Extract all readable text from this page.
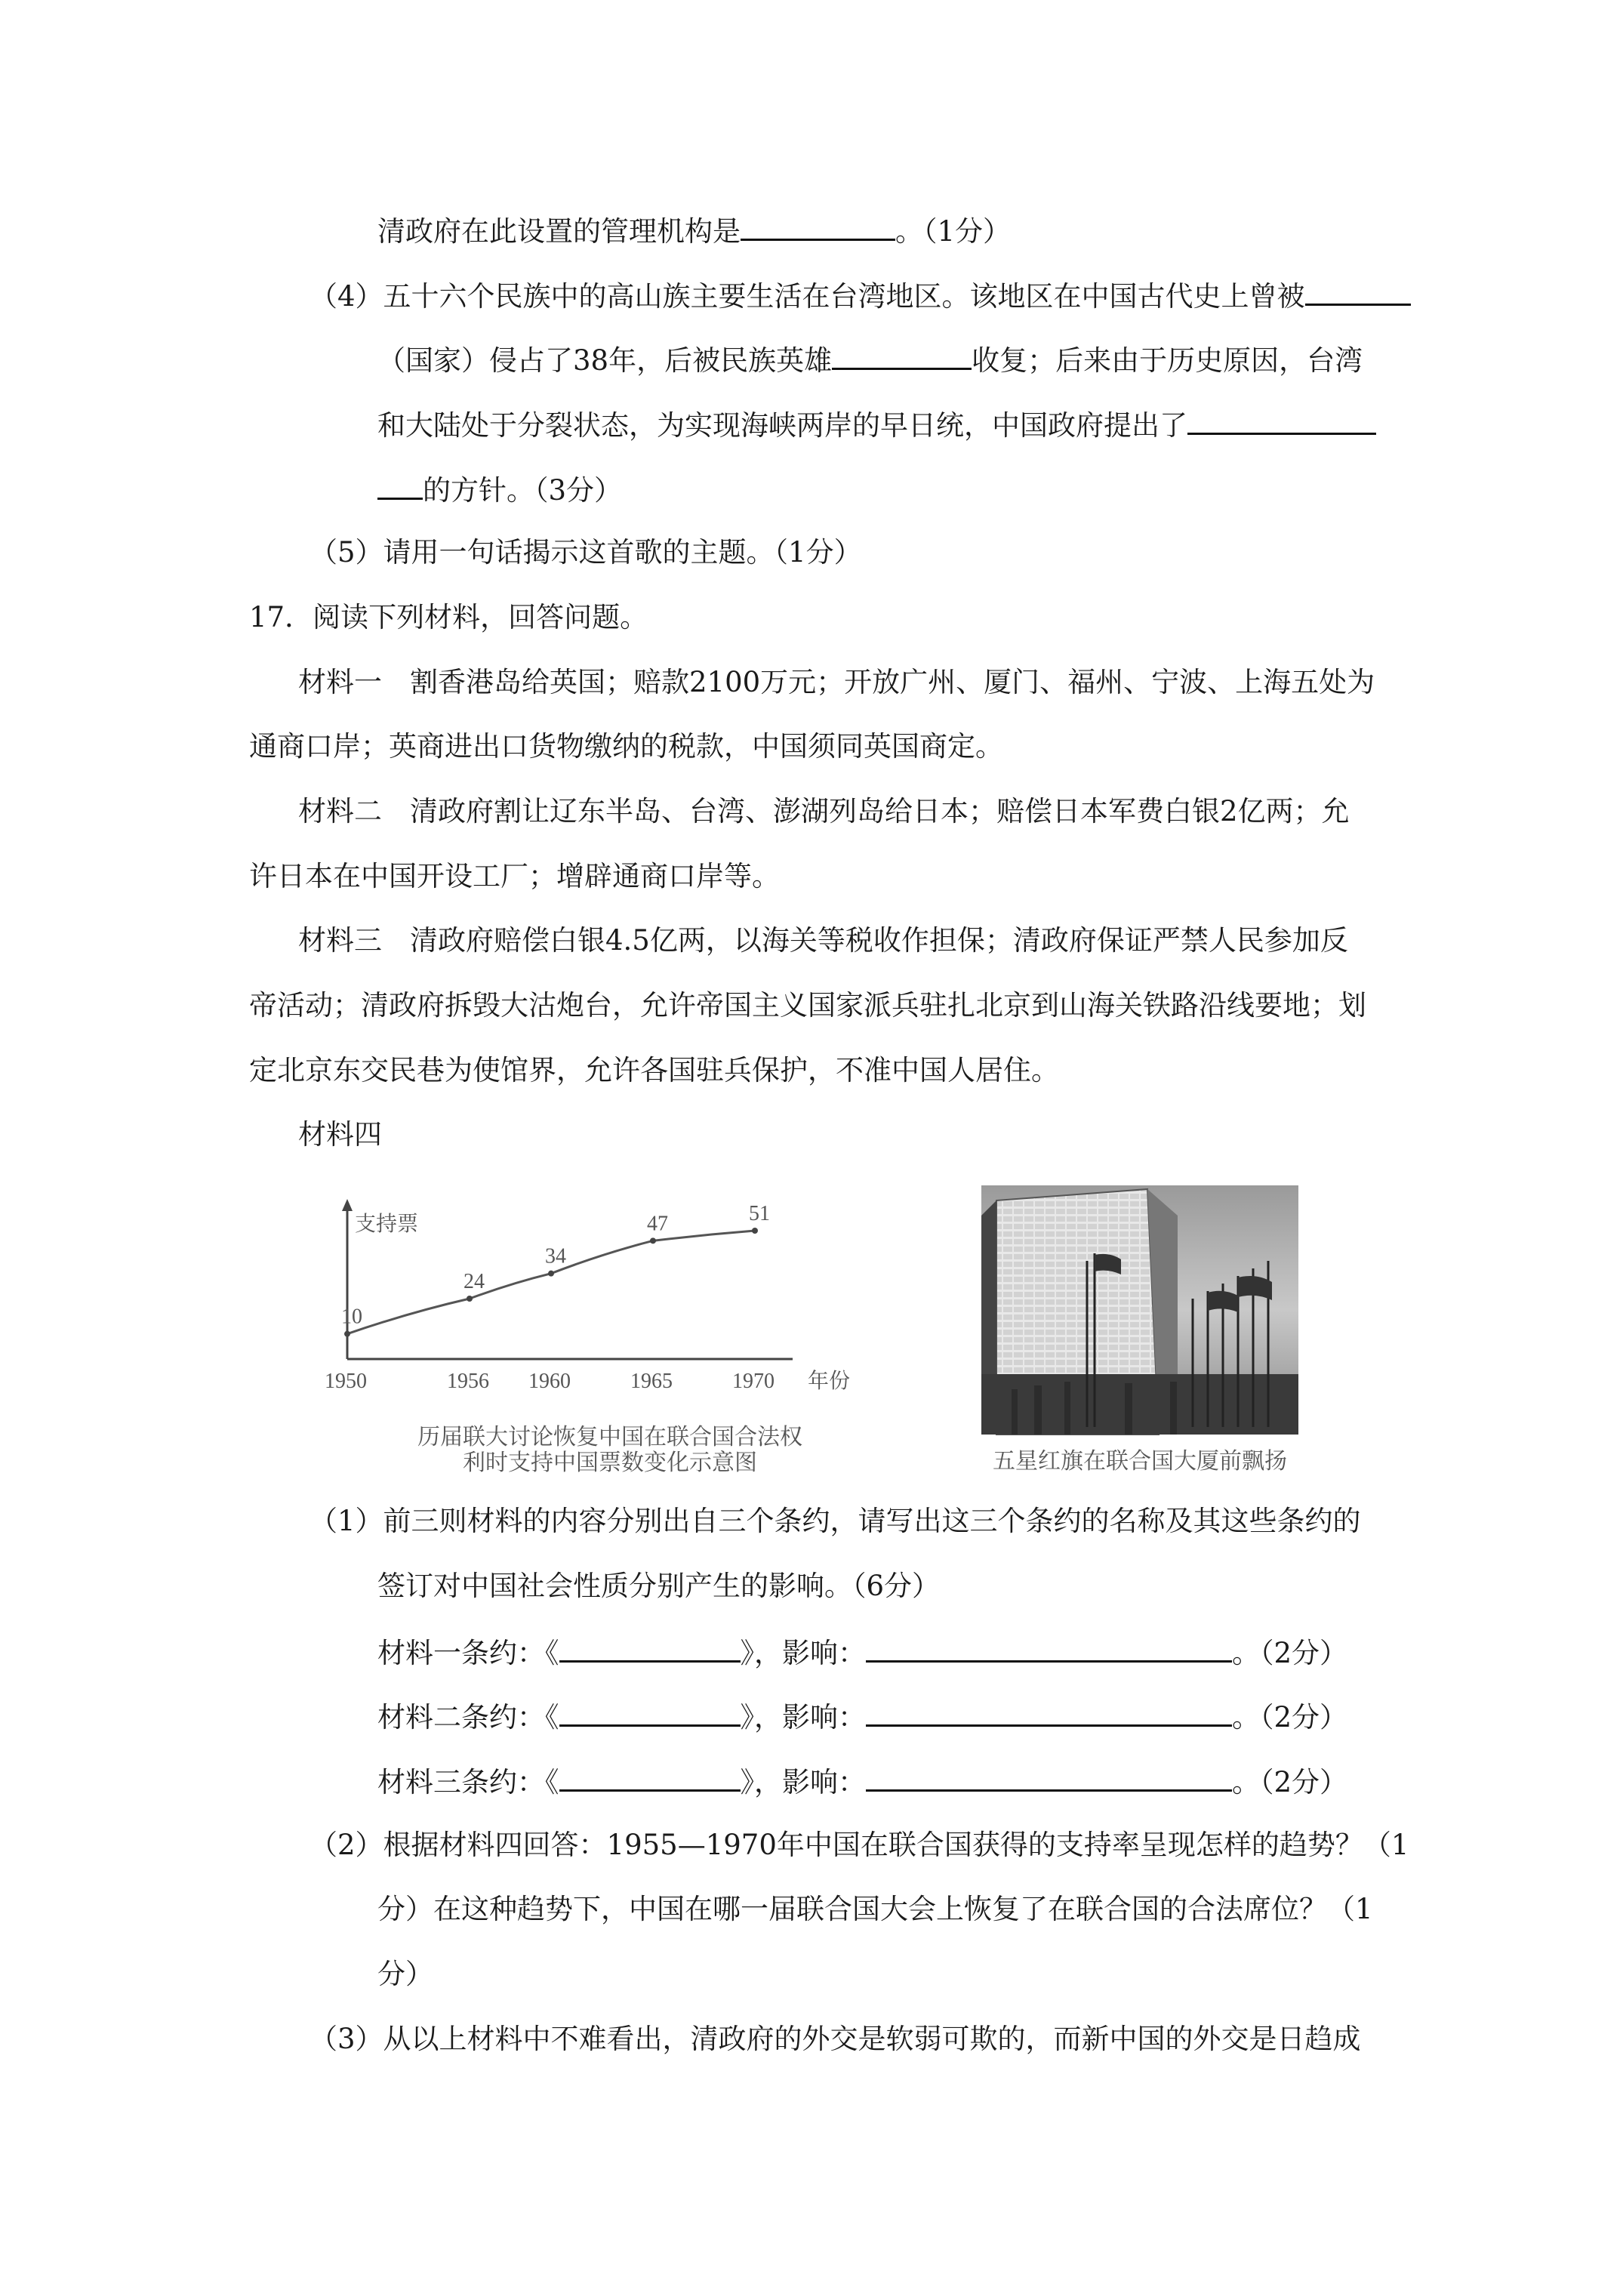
清政府在此设置的管理机构是	。（1分）
（4）五十六个民族中的高山族主要生活在台湾地区。该地区在中国古代史上曾被
（国家）侵占了38年，后被民族英雄	收复；后来由于历史原因，台湾
和大陆处于分裂状态，为实现海峡两岸的早日统，中国政府提出了
的方针。（3分）
（5）请用一句话揭示这首歌的主题。（1分）
17．阅读下列材料，回答问题。
材料一　割香港岛给英国；赔款2100万元；开放广州、厦门、福州、宁波、上海五处为
通商口岸；英商进出口货物缴纳的税款，中国须同英国商定。
材料二　清政府割让辽东半岛、台湾、澎湖列岛给日本；赔偿日本军费白银2亿两；允
许日本在中国开设工厂；增辟通商口岸等。
材料三　清政府赔偿白银4.5亿两，以海关等税收作担保；清政府保证严禁人民参加反
帝活动；清政府拆毁大沽炮台，允许帝国主义国家派兵驻扎北京到山海关铁路沿线要地；划
定北京东交民巷为使馆界，允许各国驻兵保护，不准中国人居住。
材料四
支持票
年份
10
1950
24
1956
34
1960
47
1965
51
1970
历届联大讨论恢复中国在联合国合法权
利时支持中国票数变化示意图	五星红旗在联合国大厦前飘扬
（1）前三则材料的内容分别出自三个条约，请写出这三个条约的名称及其这些条约的
签订对中国社会性质分别产生的影响。（6分）
材料一条约：《	》，影响：	。（2分）
材料二条约：《	》，影响：	。（2分）
材料三条约：《	》，影响：	。（2分）
（2）根据材料四回答：1955—1970年中国在联合国获得的支持率呈现怎样的趋势？（1
分）在这种趋势下，中国在哪一届联合国大会上恢复了在联合国的合法席位？（1
分）
（3）从以上材料中不难看出，清政府的外交是软弱可欺的，而新中国的外交是日趋成
